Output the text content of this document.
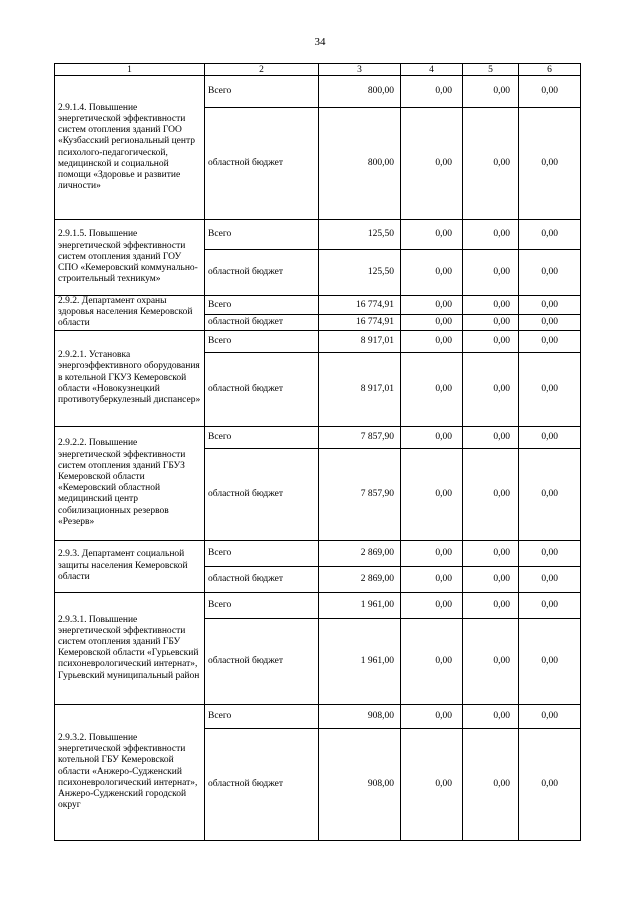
34
1	2	3	4	5	6
2.9.1.4. Повышение энергетической эффективности систем отопления зданий ГОО «Кузбасский региональный центр психолого-педагогической, медицинской и социальной помощи «Здоровье и развитие личности»	Всего	800,00	0,00	0,00	0,00
	областной бюджет	800,00	0,00	0,00	0,00
2.9.1.5. Повышение энергетической эффективности систем отопления зданий ГОУ СПО «Кемеровский коммунально-строительный техникум»	Всего	125,50	0,00	0,00	0,00
	областной бюджет	125,50	0,00	0,00	0,00
2.9.2. Департамент охраны здоровья населения Кемеровской области	Всего	16 774,91	0,00	0,00	0,00
	областной бюджет	16 774,91	0,00	0,00	0,00
2.9.2.1. Установка энергоэффективного оборудования в котельной ГКУЗ Кемеровской области «Новокузнецкий противотуберкулезный диспансер»	Всего	8 917,01	0,00	0,00	0,00
	областной бюджет	8 917,01	0,00	0,00	0,00
2.9.2.2. Повышение энергетической эффективности систем отопления зданий ГБУЗ Кемеровской области «Кемеровский областной медицинский центр собилизационных резервов «Резерв»	Всего	7 857,90	0,00	0,00	0,00
	областной бюджет	7 857,90	0,00	0,00	0,00
2.9.3. Департамент социальной защиты населения Кемеровской области	Всего	2 869,00	0,00	0,00	0,00
	областной бюджет	2 869,00	0,00	0,00	0,00
2.9.3.1. Повышение энергетической эффективности систем отопления зданий ГБУ Кемеровской области «Гурьевский психоневрологический интернат», Гурьевский муниципальный район	Всего	1 961,00	0,00	0,00	0,00
	областной бюджет	1 961,00	0,00	0,00	0,00
2.9.3.2. Повышение энергетической эффективности котельной ГБУ Кемеровской области «Анжеро-Судженский психоневрологический интернат», Анжеро-Судженский городской округ	Всего	908,00	0,00	0,00	0,00
	областной бюджет	908,00	0,00	0,00	0,00
